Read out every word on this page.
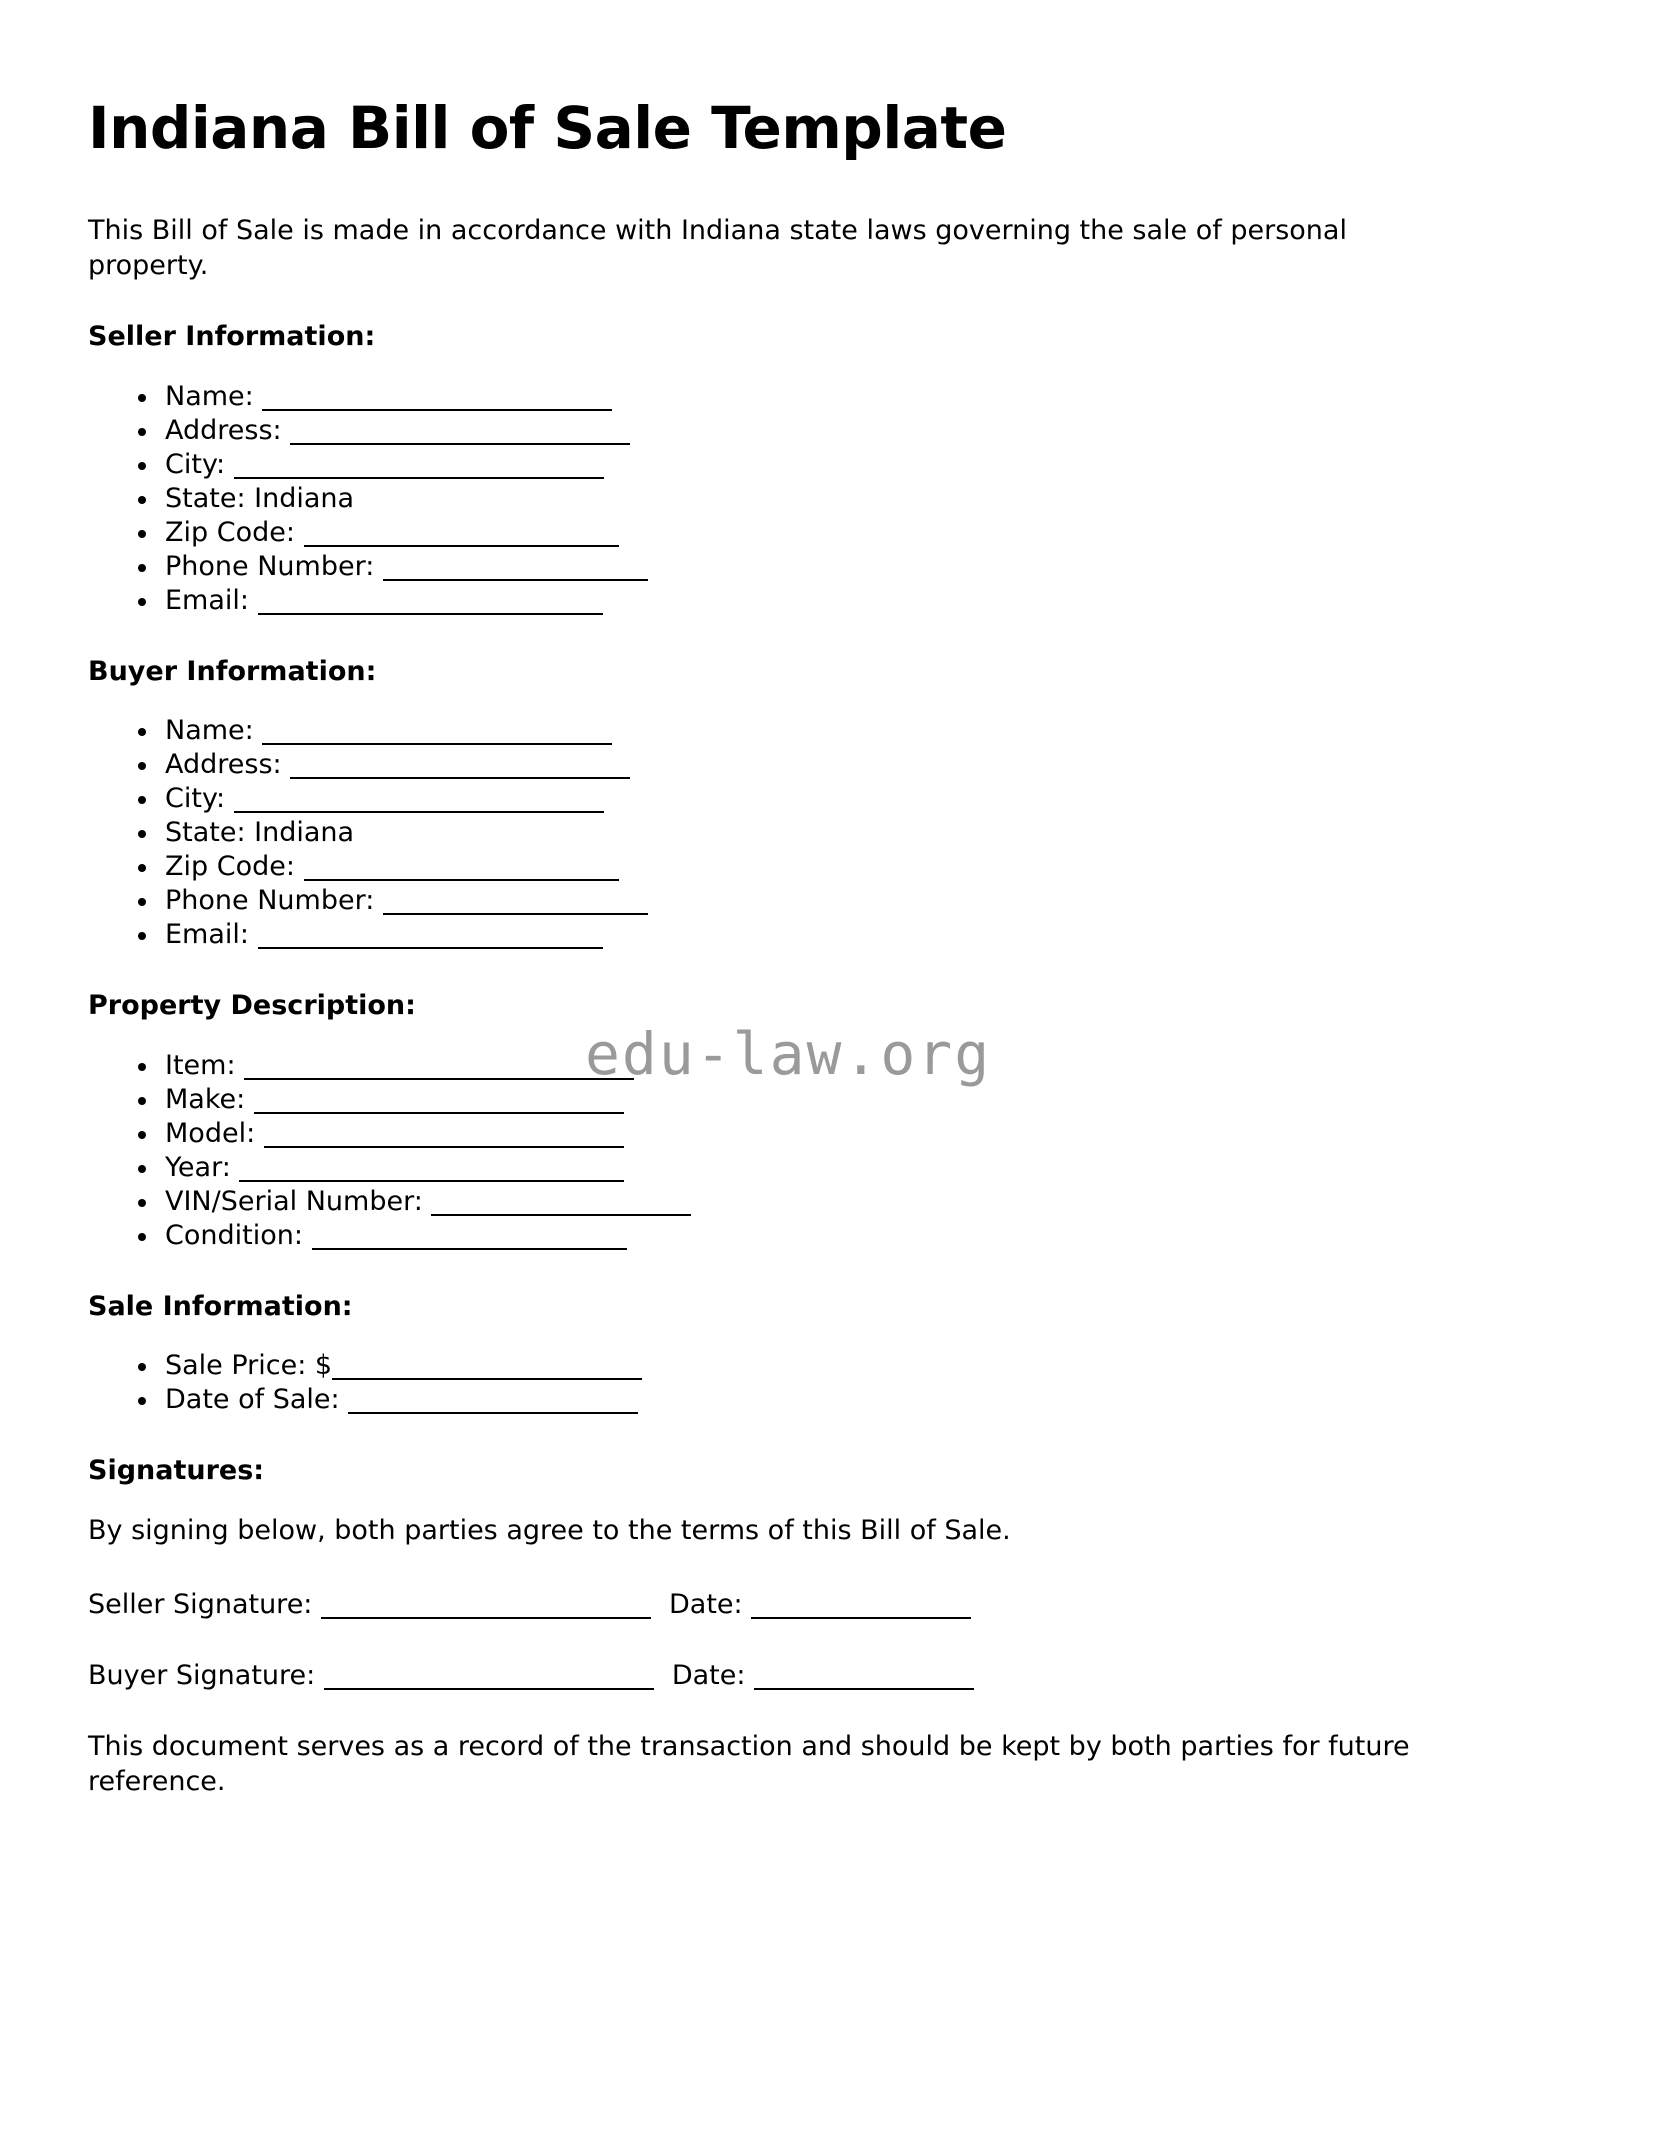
edu-law.org
Indiana Bill of Sale Template

This Bill of Sale is made in accordance with Indiana state laws governing the sale of personal property.

Seller Information:
Name:
Address:
City:
State: Indiana
Zip Code:
Phone Number:
Email:
Buyer Information:
Name:
Address:
City:
State: Indiana
Zip Code:
Phone Number:
Email:
Property Description:
Item:
Make:
Model:
Year:
VIN/Serial Number:
Condition:
Sale Information:
Sale Price: $
Date of Sale:
Signatures:

By signing below, both parties agree to the terms of this Bill of Sale.

Seller Signature:	Date:
Buyer Signature:	Date:

This document serves as a record of the transaction and should be kept by both parties for future reference.
